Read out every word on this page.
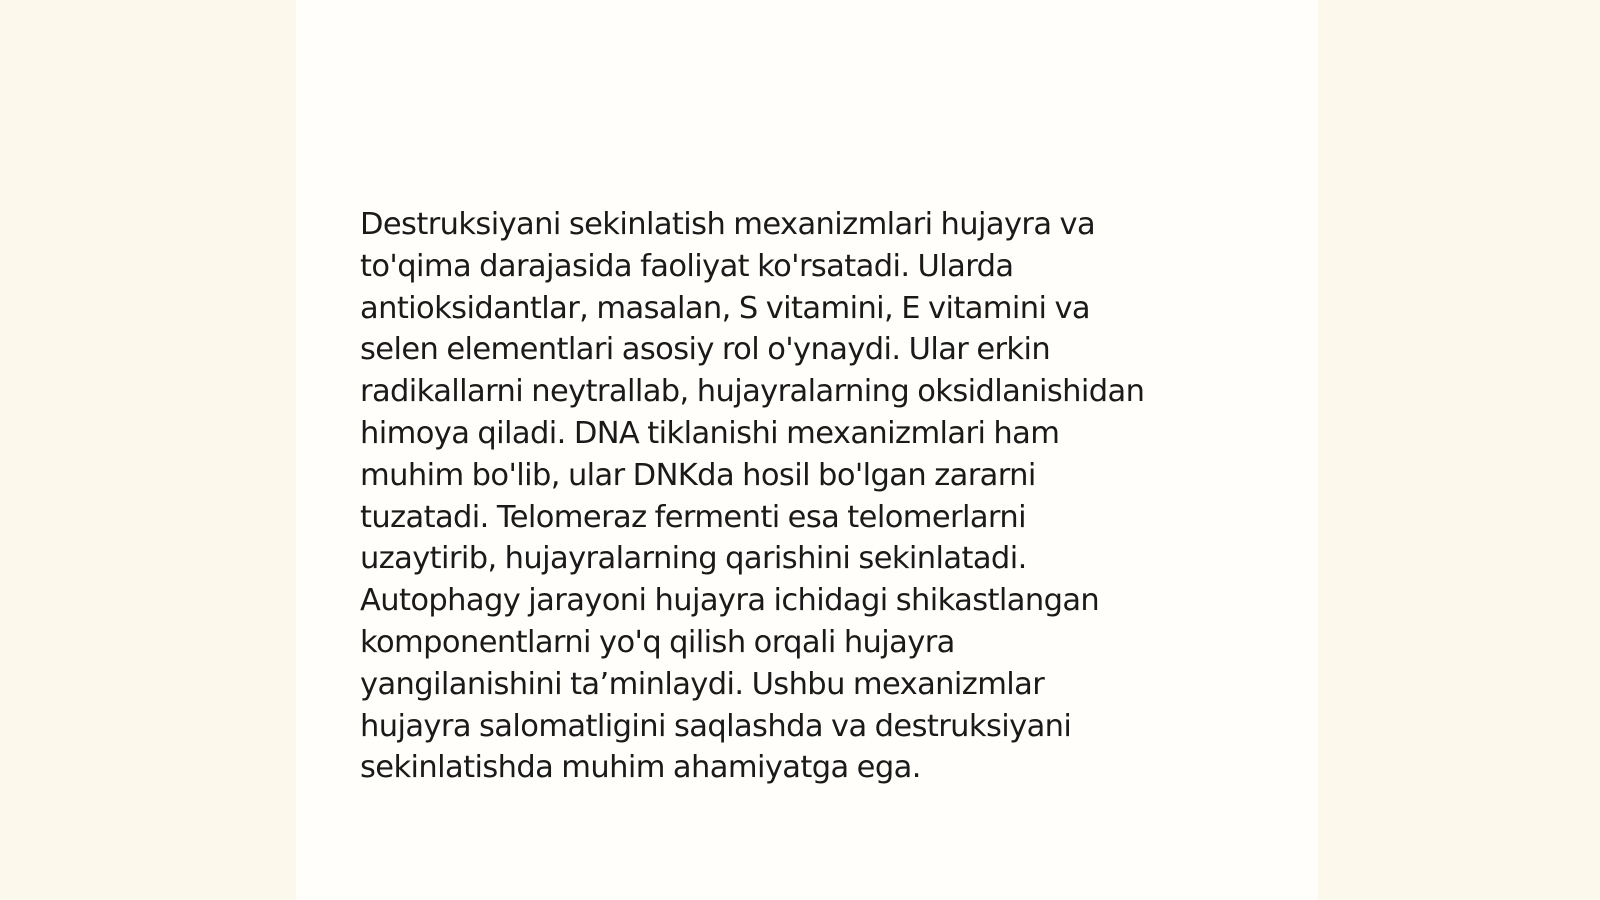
Destruksiyani sekinlatish mexanizmlari hujayra va
to'qima darajasida faoliyat ko'rsatadi. Ularda
antioksidantlar, masalan, S vitamini, E vitamini va
selen elementlari asosiy rol o'ynaydi. Ular erkin
radikallarni neytrallab, hujayralarning oksidlanishidan
himoya qiladi. DNA tiklanishi mexanizmlari ham
muhim bo'lib, ular DNKda hosil bo'lgan zararni
tuzatadi. Telomeraz fermenti esa telomerlarni
uzaytirib, hujayralarning qarishini sekinlatadi.
Autophagy jarayoni hujayra ichidagi shikastlangan
komponentlarni yo'q qilish orqali hujayra
yangilanishini ta’minlaydi. Ushbu mexanizmlar
hujayra salomatligini saqlashda va destruksiyani
sekinlatishda muhim ahamiyatga ega.
